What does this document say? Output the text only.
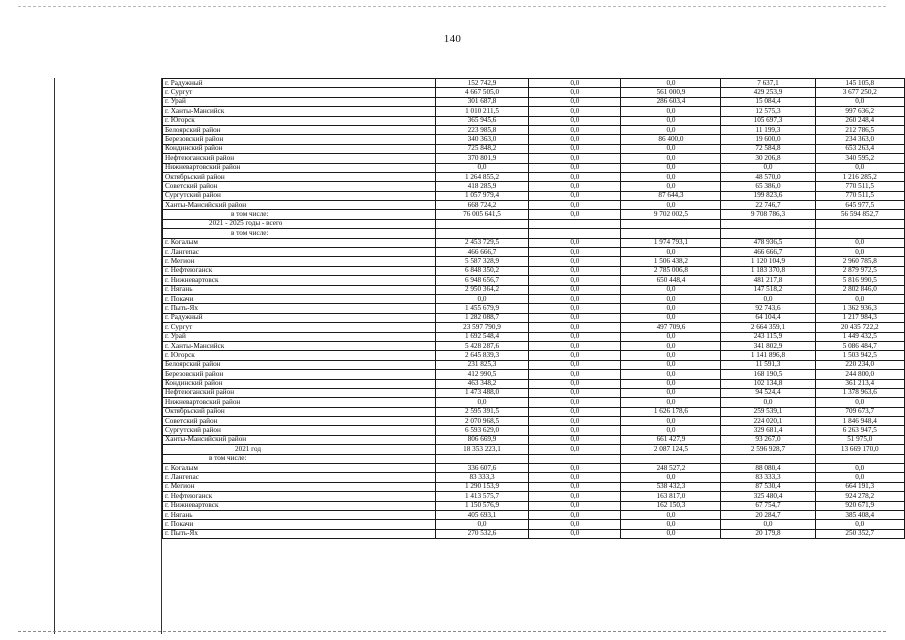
140
г. Радужный	152 742,9	0,0	0,0	7 637,1	145 105,8
г. Сургут	4 667 505,0	0,0	561 000,9	429 253,9	3 677 250,2
г. Урай	301 687,8	0,0	286 603,4	15 084,4	0,0
г. Ханты-Мансийск	1 010 211,5	0,0	0,0	12 575,3	997 636,2
г. Югорск	365 945,6	0,0	0,0	105 697,3	260 248,4
Белоярский район	223 985,8	0,0	0,0	11 199,3	212 786,5
Березовский район	340 363,0	0,0	86 400,0	19 600,0	234 363,0
Кондинский район	725 848,2	0,0	0,0	72 584,8	653 263,4
Нефтеюганский район	370 801,9	0,0	0,0	30 206,8	340 595,2
Нижневартовский район	0,0	0,0	0,0	0,0	0,0
Октябрьский район	1 264 855,2	0,0	0,0	48 570,0	1 216 285,2
Советский район	418 285,9	0,0	0,0	65 386,0	770 511,5
Сургутский район	1 057 979,4	0,0	87 644,3	199 823,6	770 511,5
Ханты-Мансийский район	668 724,2	0,0	0,0	22 746,7	645 977,5
в том числе:	76 005 641,5	0,0	9 702 002,5	9 708 786,3	56 594 852,7
2021 - 2025 годы - всего					
в том числе:					
г. Когалым	2 453 729,5	0,0	1 974 793,1	478 936,5	0,0
г. Лангепас	466 666,7	0,0	0,0	466 666,7	0,0
г. Мегион	5 587 328,9	0,0	1 506 438,2	1 120 104,9	2 960 785,8
г. Нефтеюганск	6 848 350,2	0,0	2 785 006,8	1 183 370,8	2 879 972,5
г. Нижневартовск	6 948 656,7	0,0	650 448,4	481 217,8	5 816 990,5
г. Нягань	2 950 364,2	0,0	0,0	147 518,2	2 802 846,0
г. Покачи	0,0	0,0	0,0	0,0	0,0
г. Пыть-Ях	1 455 679,9	0,0	0,0	92 743,6	1 362 936,3
г. Радужный	1 282 088,7	0,0	0,0	64 104,4	1 217 984,3
г. Сургут	23 597 790,9	0,0	497 709,6	2 664 359,1	20 435 722,2
г. Урай	1 692 548,4	0,0	0,0	243 115,9	1 449 432,5
г. Ханты-Мансийск	5 428 287,6	0,0	0,0	341 802,9	5 086 484,7
г. Югорск	2 645 839,3	0,0	0,0	1 141 896,8	1 503 942,5
Белоярский район	231 825,3	0,0	0,0	11 591,3	220 234,0
Березовский район	412 990,5	0,0	0,0	168 190,5	244 800,0
Кондинский район	463 348,2	0,0	0,0	102 134,8	361 213,4
Нефтеюганский район	1 473 488,0	0,0	0,0	94 524,4	1 378 963,6
Нижневартовский район	0,0	0,0	0,0	0,0	0,0
Октябрьский район	2 595 391,5	0,0	1 626 178,6	259 539,1	709 673,7
Советский район	2 070 968,5	0,0	0,0	224 020,1	1 846 948,4
Сургутский район	6 593 629,0	0,0	0,0	329 681,4	6 263 947,5
Ханты-Мансийский район	806 669,9	0,0	661 427,9	93 267,0	51 975,0
2021 год	18 353 223,1	0,0	2 087 124,5	2 596 928,7	13 669 170,0
в том числе:					
г. Когалым	336 607,6	0,0	248 527,2	88 080,4	0,0
г. Лангепас	83 333,3	0,0	0,0	83 333,3	0,0
г. Мегион	1 290 153,9	0,0	538 432,3	87 530,4	664 191,3
г. Нефтеюганск	1 413 575,7	0,0	163 817,0	325 480,4	924 278,2
г. Нижневартовск	1 150 576,9	0,0	162 150,3	67 754,7	920 671,9
г. Нягань	405 693,1	0,0	0,0	20 284,7	385 408,4
г. Покачи	0,0	0,0	0,0	0,0	0,0
г. Пыть-Ях	270 532,6	0,0	0,0	20 179,8	250 352,7
